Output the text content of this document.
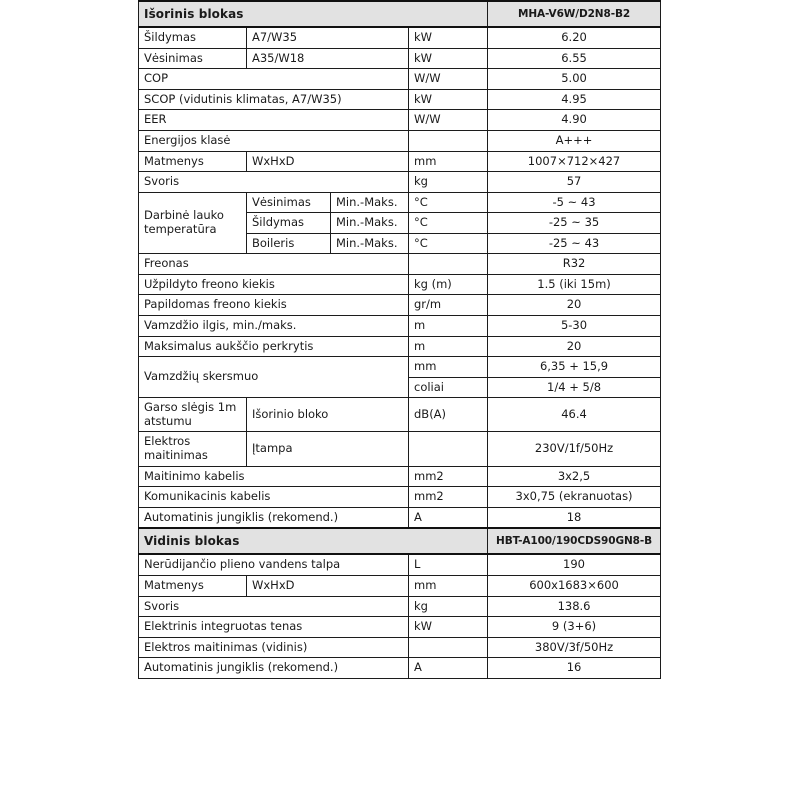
Išorinis blokas				MHA-V6W/D2N8-B2
Šildymas	A7/W35		kW	6.20
Vėsinimas	A35/W18		kW	6.55
COP			W/W	5.00
SCOP (vidutinis klimatas, A7/W35)			kW	4.95
EER			W/W	4.90
Energijos klasė				A+++
Matmenys	WxHxD		mm	1007×712×427
Svoris			kg	57
Darbinė lauko temperatūra	Vėsinimas	Min.-Maks.	°C	-5 ~ 43
	Šildymas	Min.-Maks.	°C	-25 ~ 35
	Boileris	Min.-Maks.	°C	-25 ~ 43
Freonas				R32
Užpildyto freono kiekis			kg (m)	1.5 (iki 15m)
Papildomas freono kiekis			gr/m	20
Vamzdžio ilgis, min./maks.			m	5-30
Maksimalus aukščio perkrytis			m	20
Vamzdžių skersmuo			mm	6,35 + 15,9
			coliai	1/4 + 5/8
Garso slėgis 1m atstumu	Išorinio bloko		dB(A)	46.4
Elektros maitinimas	Įtampa			230V/1f/50Hz
Maitinimo kabelis			mm2	3x2,5
Komunikacinis kabelis			mm2	3x0,75 (ekranuotas)
Automatinis jungiklis (rekomend.)			A	18
Vidinis blokas				HBT-A100/190CDS90GN8-B
Nerūdijančio plieno vandens talpa			L	190
Matmenys	WxHxD		mm	600x1683×600
Svoris			kg	138.6
Elektrinis integruotas tenas			kW	9 (3+6)
Elektros maitinimas (vidinis)				380V/3f/50Hz
Automatinis jungiklis (rekomend.)			A	16
